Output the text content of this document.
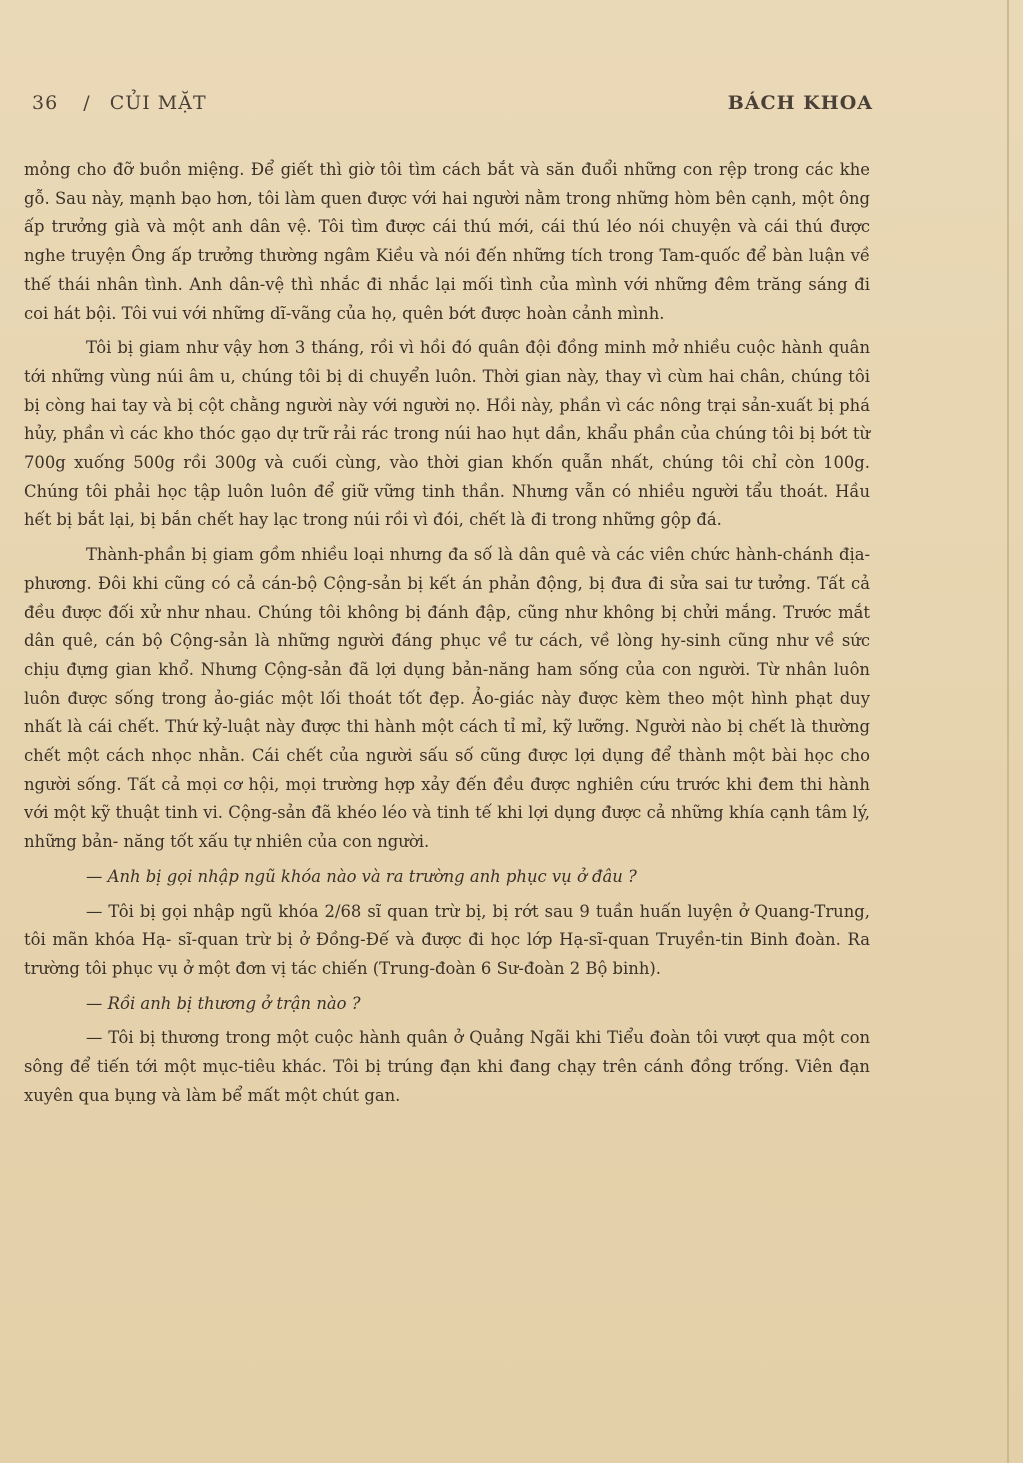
36 / CỦI MẶT	BÁCH KHOA

mỏng cho đỡ buồn miệng. Để giết thì giờ tôi tìm cách bắt và săn đuổi những con rệp trong các khe gỗ. Sau này, mạnh bạo hơn, tôi làm quen được với hai người nằm trong những hòm bên cạnh, một ông ấp trưởng già và một anh dân vệ. Tôi tìm được cái thú mới, cái thú léo nói chuyện và cái thú được nghe truyện Ông ấp trưởng thường ngâm Kiều và nói đến những tích trong Tam-quốc để bàn luận về thế thái nhân tình. Anh dân-vệ thì nhắc đi nhắc lại mối tình của mình với những đêm trăng sáng đi coi hát bội. Tôi vui với những dĩ-vãng của họ, quên bớt được hoàn cảnh mình.

Tôi bị giam như vậy hơn 3 tháng, rồi vì hồi đó quân đội đồng minh mở nhiều cuộc hành quân tới những vùng núi âm u, chúng tôi bị di chuyển luôn. Thời gian này, thay vì cùm hai chân, chúng tôi bị còng hai tay và bị cột chằng người này với người nọ. Hồi này, phần vì các nông trại sản-xuất bị phá hủy, phần vì các kho thóc gạo dự trữ rải rác trong núi hao hụt dần, khẩu phần của chúng tôi bị bớt từ 700g xuống 500g rồi 300g và cuối cùng, vào thời gian khốn quẫn nhất, chúng tôi chỉ còn 100g. Chúng tôi phải học tập luôn luôn để giữ vững tinh thần. Nhưng vẫn có nhiều người tẩu thoát. Hầu hết bị bắt lại, bị bắn chết hay lạc trong núi rồi vì đói, chết là đi trong những gộp đá.

Thành-phần bị giam gồm nhiều loại nhưng đa số là dân quê và các viên chức hành-chánh địa-phương. Đôi khi cũng có cả cán-bộ Cộng-sản bị kết án phản động, bị đưa đi sửa sai tư tưởng. Tất cả đều được đối xử như nhau. Chúng tôi không bị đánh đập, cũng như không bị chửi mắng. Trước mắt dân quê, cán bộ Cộng-sản là những người đáng phục về tư cách, về lòng hy-sinh cũng như về sức chịu đựng gian khổ. Nhưng Cộng-sản đã lợi dụng bản-năng ham sống của con người. Từ nhân luôn luôn được sống trong ảo-giác một lối thoát tốt đẹp. Ảo-giác này được kèm theo một hình phạt duy nhất là cái chết. Thứ kỷ-luật này được thi hành một cách tỉ mỉ, kỹ lưỡng. Người nào bị chết là thường chết một cách nhọc nhằn. Cái chết của người sấu số cũng được lợi dụng để thành một bài học cho người sống. Tất cả mọi cơ hội, mọi trường hợp xảy đến đều được nghiên cứu trước khi đem thi hành với một kỹ thuật tinh vi. Cộng-sản đã khéo léo và tinh tế khi lợi dụng được cả những khía cạnh tâm lý, những bản- năng tốt xấu tự nhiên của con người.

— Anh bị gọi nhập ngũ khóa nào và ra trường anh phục vụ ở đâu ?

— Tôi bị gọi nhập ngũ khóa 2/68 sĩ quan trừ bị, bị rớt sau 9 tuần huấn luyện ở Quang-Trung, tôi mãn khóa Hạ- sĩ-quan trừ bị ở Đồng-Đế và được đi học lớp Hạ-sĩ-quan Truyền-tin Binh đoàn. Ra trường tôi phục vụ ở một đơn vị tác chiến (Trung-đoàn 6 Sư-đoàn 2 Bộ binh).

— Rồi anh bị thương ở trận nào ?

— Tôi bị thương trong một cuộc hành quân ở Quảng Ngãi khi Tiểu đoàn tôi vượt qua một con sông để tiến tới một mục-tiêu khác. Tôi bị trúng đạn khi đang chạy trên cánh đồng trống. Viên đạn xuyên qua bụng và làm bể mất một chút gan.
